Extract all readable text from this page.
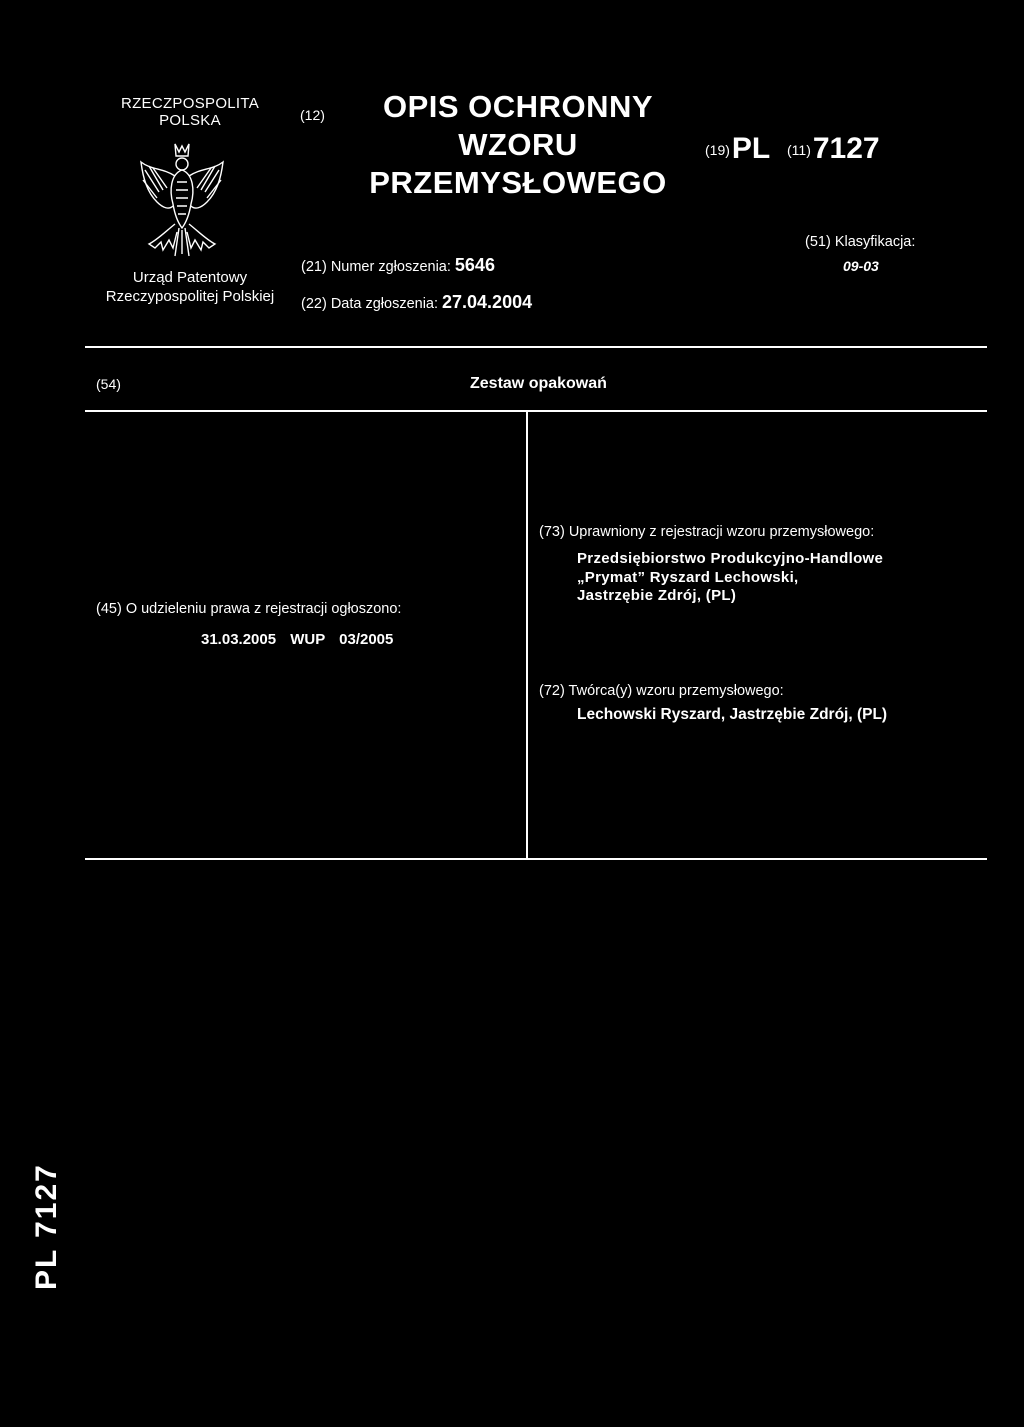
RZECZPOSPOLITA
POLSKA
Urząd Patentowy
Rzeczypospolitej Polskiej
(12)	OPIS OCHRONNY
WZORU
PRZEMYSŁOWEGO
(19)PL (11)7127
(21) Numer zgłoszenia: 5646
(22) Data zgłoszenia: 27.04.2004
(51) Klasyfikacja:
09-03
(54)	Zestaw opakowań
(45) O udzieleniu prawa z rejestracji ogłoszono:
31.03.2005 WUP 03/2005
(73) Uprawniony z rejestracji wzoru przemysłowego:
Przedsiębiorstwo Produkcyjno-Handlowe
„Prymat” Ryszard Lechowski,
Jastrzębie Zdrój, (PL)
(72) Twórca(y) wzoru przemysłowego:
Lechowski Ryszard, Jastrzębie Zdrój, (PL)
PL 7127
